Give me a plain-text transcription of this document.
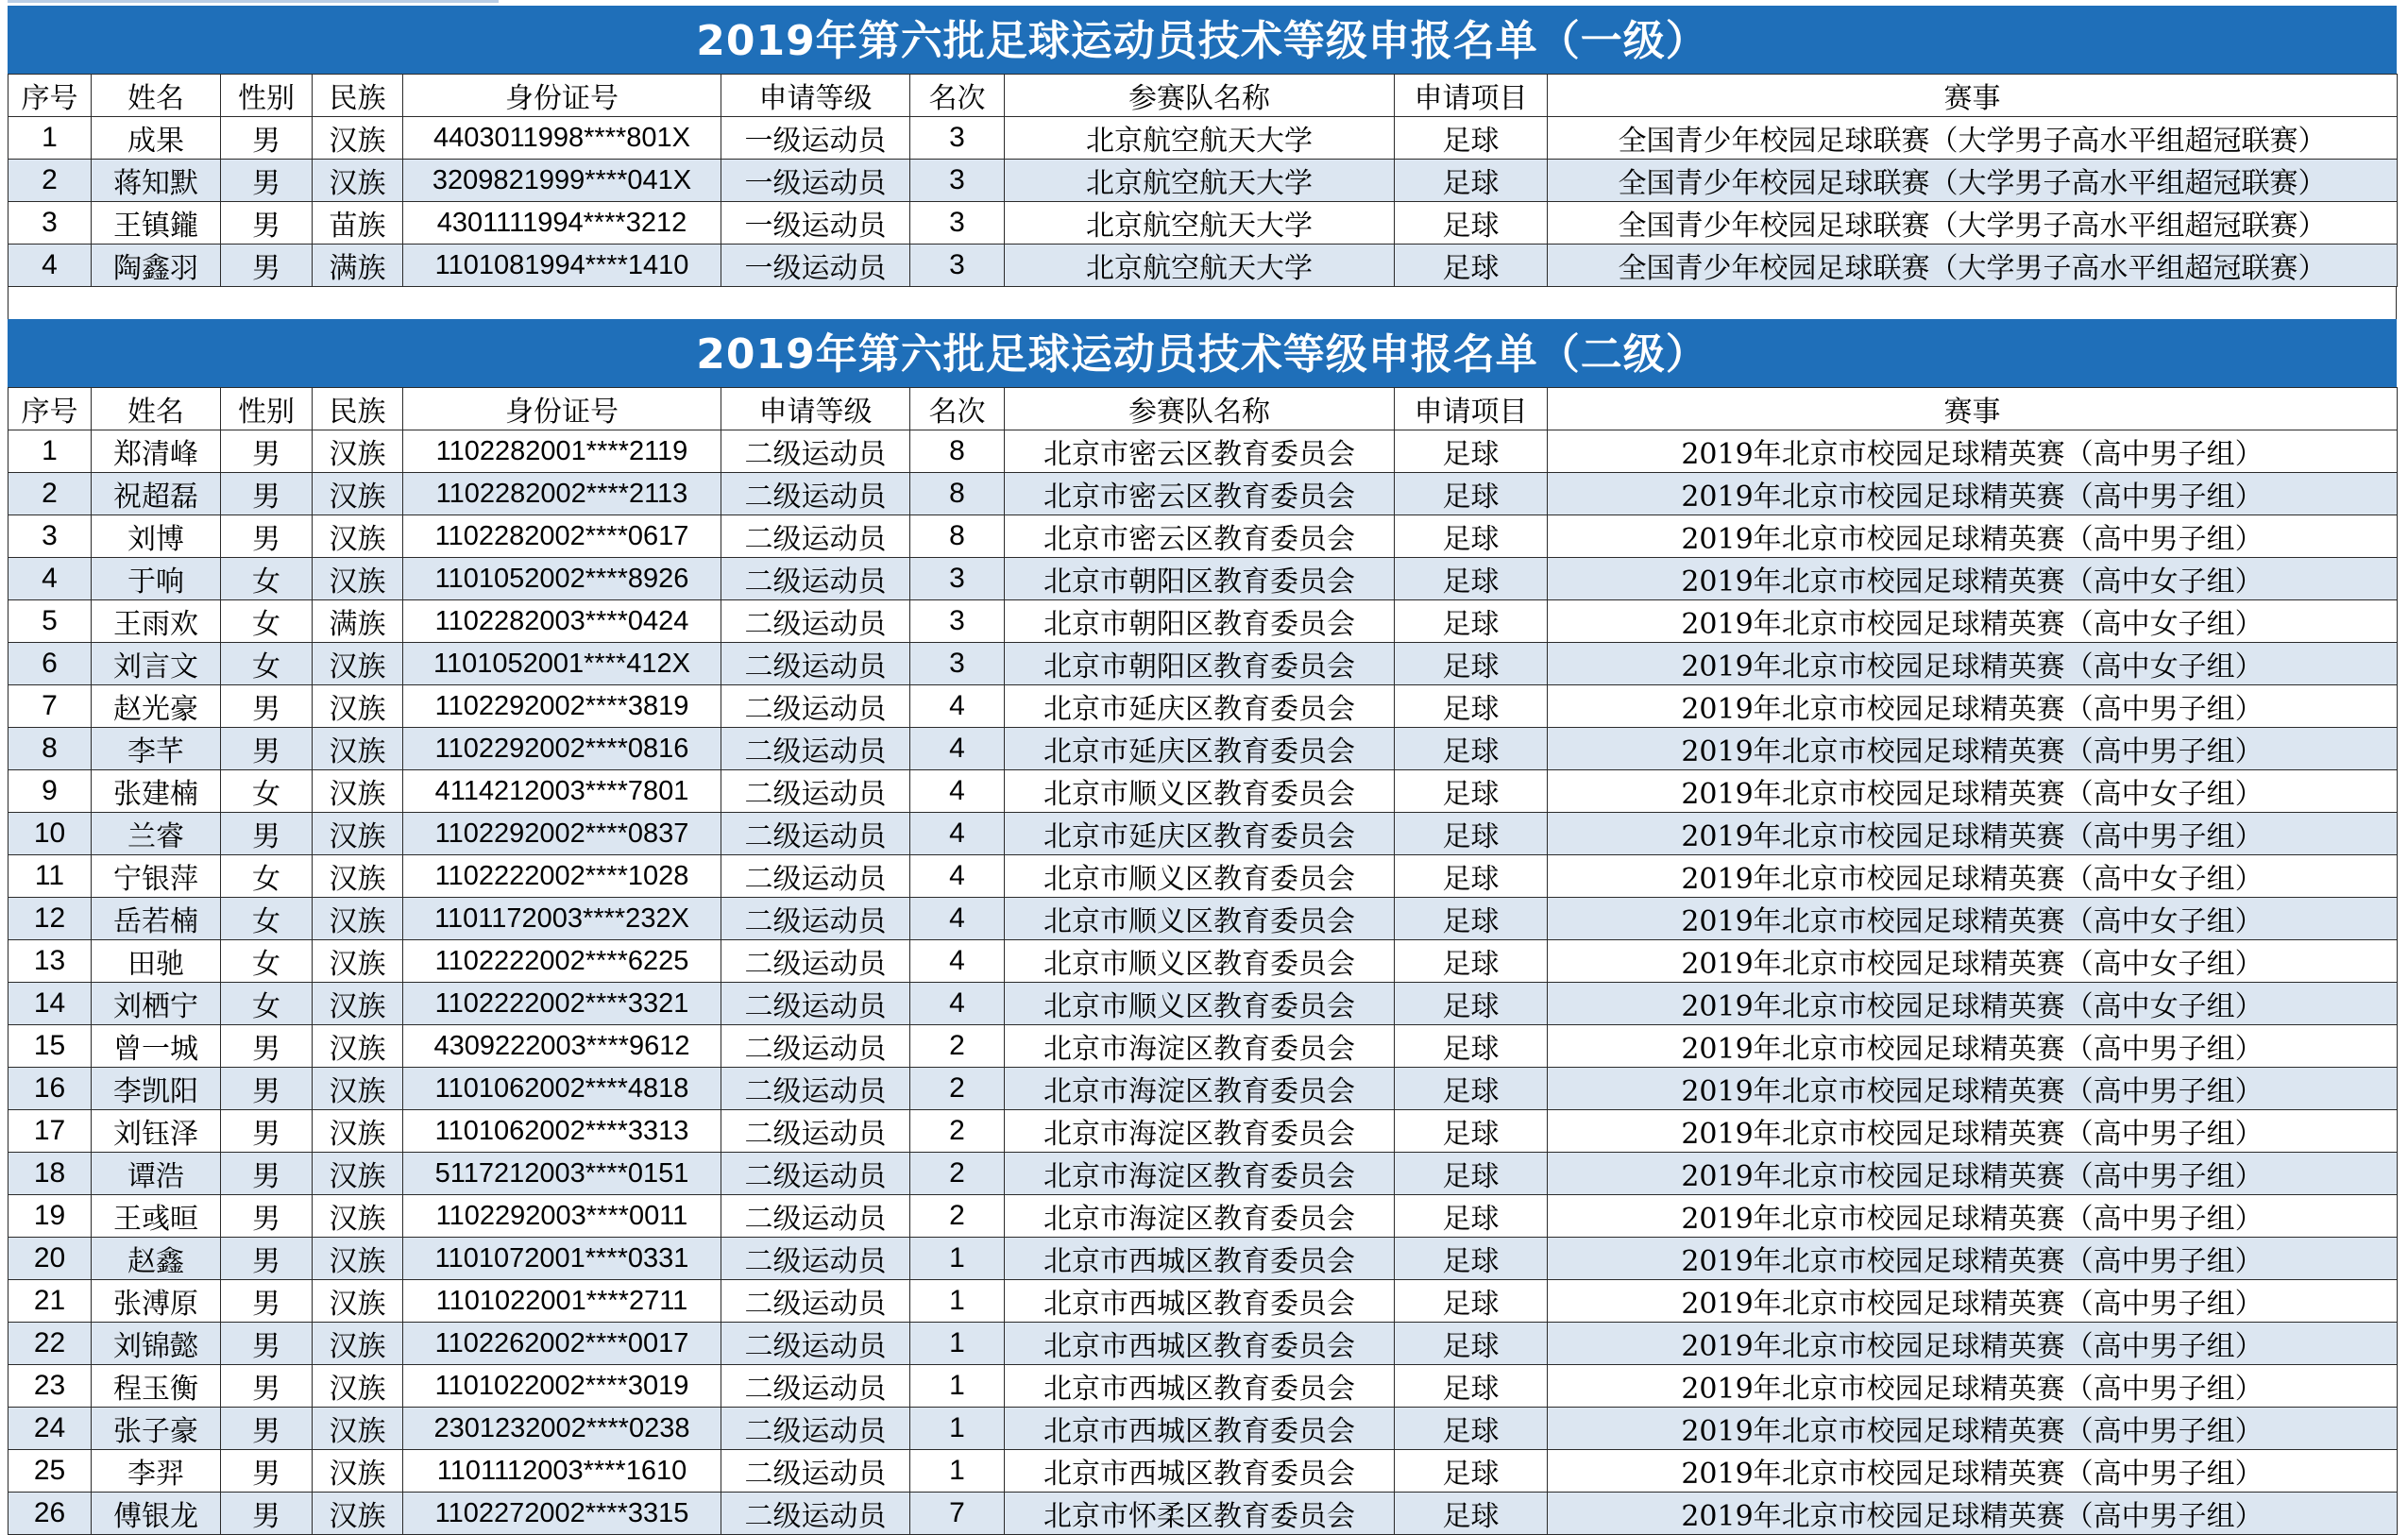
2019年第六批足球运动员技术等级申报名单（一级）
序号	姓名	性别	民族	身份证号	申请等级	名次	参赛队名称	申请项目	赛事
1	成果	男	汉族	4403011998****801X	一级运动员	3	北京航空航天大学	足球	全国青少年校园足球联赛（大学男子高水平组超冠联赛）
2	蒋知默	男	汉族	3209821999****041X	一级运动员	3	北京航空航天大学	足球	全国青少年校园足球联赛（大学男子高水平组超冠联赛）
3	王镇鑨	男	苗族	4301111994****3212	一级运动员	3	北京航空航天大学	足球	全国青少年校园足球联赛（大学男子高水平组超冠联赛）
4	陶鑫羽	男	满族	1101081994****1410	一级运动员	3	北京航空航天大学	足球	全国青少年校园足球联赛（大学男子高水平组超冠联赛）
2019年第六批足球运动员技术等级申报名单（二级）
序号	姓名	性别	民族	身份证号	申请等级	名次	参赛队名称	申请项目	赛事
1	郑清峰	男	汉族	1102282001****2119	二级运动员	8	北京市密云区教育委员会	足球	2019年北京市校园足球精英赛（高中男子组）
2	祝超磊	男	汉族	1102282002****2113	二级运动员	8	北京市密云区教育委员会	足球	2019年北京市校园足球精英赛（高中男子组）
3	刘博	男	汉族	1102282002****0617	二级运动员	8	北京市密云区教育委员会	足球	2019年北京市校园足球精英赛（高中男子组）
4	于响	女	汉族	1101052002****8926	二级运动员	3	北京市朝阳区教育委员会	足球	2019年北京市校园足球精英赛（高中女子组）
5	王雨欢	女	满族	1102282003****0424	二级运动员	3	北京市朝阳区教育委员会	足球	2019年北京市校园足球精英赛（高中女子组）
6	刘言文	女	汉族	1101052001****412X	二级运动员	3	北京市朝阳区教育委员会	足球	2019年北京市校园足球精英赛（高中女子组）
7	赵光豪	男	汉族	1102292002****3819	二级运动员	4	北京市延庆区教育委员会	足球	2019年北京市校园足球精英赛（高中男子组）
8	李芊	男	汉族	1102292002****0816	二级运动员	4	北京市延庆区教育委员会	足球	2019年北京市校园足球精英赛（高中男子组）
9	张建楠	女	汉族	4114212003****7801	二级运动员	4	北京市顺义区教育委员会	足球	2019年北京市校园足球精英赛（高中女子组）
10	兰睿	男	汉族	1102292002****0837	二级运动员	4	北京市延庆区教育委员会	足球	2019年北京市校园足球精英赛（高中男子组）
11	宁银萍	女	汉族	1102222002****1028	二级运动员	4	北京市顺义区教育委员会	足球	2019年北京市校园足球精英赛（高中女子组）
12	岳若楠	女	汉族	1101172003****232X	二级运动员	4	北京市顺义区教育委员会	足球	2019年北京市校园足球精英赛（高中女子组）
13	田驰	女	汉族	1102222002****6225	二级运动员	4	北京市顺义区教育委员会	足球	2019年北京市校园足球精英赛（高中女子组）
14	刘栖宁	女	汉族	1102222002****3321	二级运动员	4	北京市顺义区教育委员会	足球	2019年北京市校园足球精英赛（高中女子组）
15	曾一城	男	汉族	4309222003****9612	二级运动员	2	北京市海淀区教育委员会	足球	2019年北京市校园足球精英赛（高中男子组）
16	李凯阳	男	汉族	1101062002****4818	二级运动员	2	北京市海淀区教育委员会	足球	2019年北京市校园足球精英赛（高中男子组）
17	刘钰泽	男	汉族	1101062002****3313	二级运动员	2	北京市海淀区教育委员会	足球	2019年北京市校园足球精英赛（高中男子组）
18	谭浩	男	汉族	5117212003****0151	二级运动员	2	北京市海淀区教育委员会	足球	2019年北京市校园足球精英赛（高中男子组）
19	王彧晅	男	汉族	1102292003****0011	二级运动员	2	北京市海淀区教育委员会	足球	2019年北京市校园足球精英赛（高中男子组）
20	赵鑫	男	汉族	1101072001****0331	二级运动员	1	北京市西城区教育委员会	足球	2019年北京市校园足球精英赛（高中男子组）
21	张溥原	男	汉族	1101022001****2711	二级运动员	1	北京市西城区教育委员会	足球	2019年北京市校园足球精英赛（高中男子组）
22	刘锦懿	男	汉族	1102262002****0017	二级运动员	1	北京市西城区教育委员会	足球	2019年北京市校园足球精英赛（高中男子组）
23	程玉衡	男	汉族	1101022002****3019	二级运动员	1	北京市西城区教育委员会	足球	2019年北京市校园足球精英赛（高中男子组）
24	张子豪	男	汉族	2301232002****0238	二级运动员	1	北京市西城区教育委员会	足球	2019年北京市校园足球精英赛（高中男子组）
25	李羿	男	汉族	1101112003****1610	二级运动员	1	北京市西城区教育委员会	足球	2019年北京市校园足球精英赛（高中男子组）
26	傅银龙	男	汉族	1102272002****3315	二级运动员	7	北京市怀柔区教育委员会	足球	2019年北京市校园足球精英赛（高中男子组）
